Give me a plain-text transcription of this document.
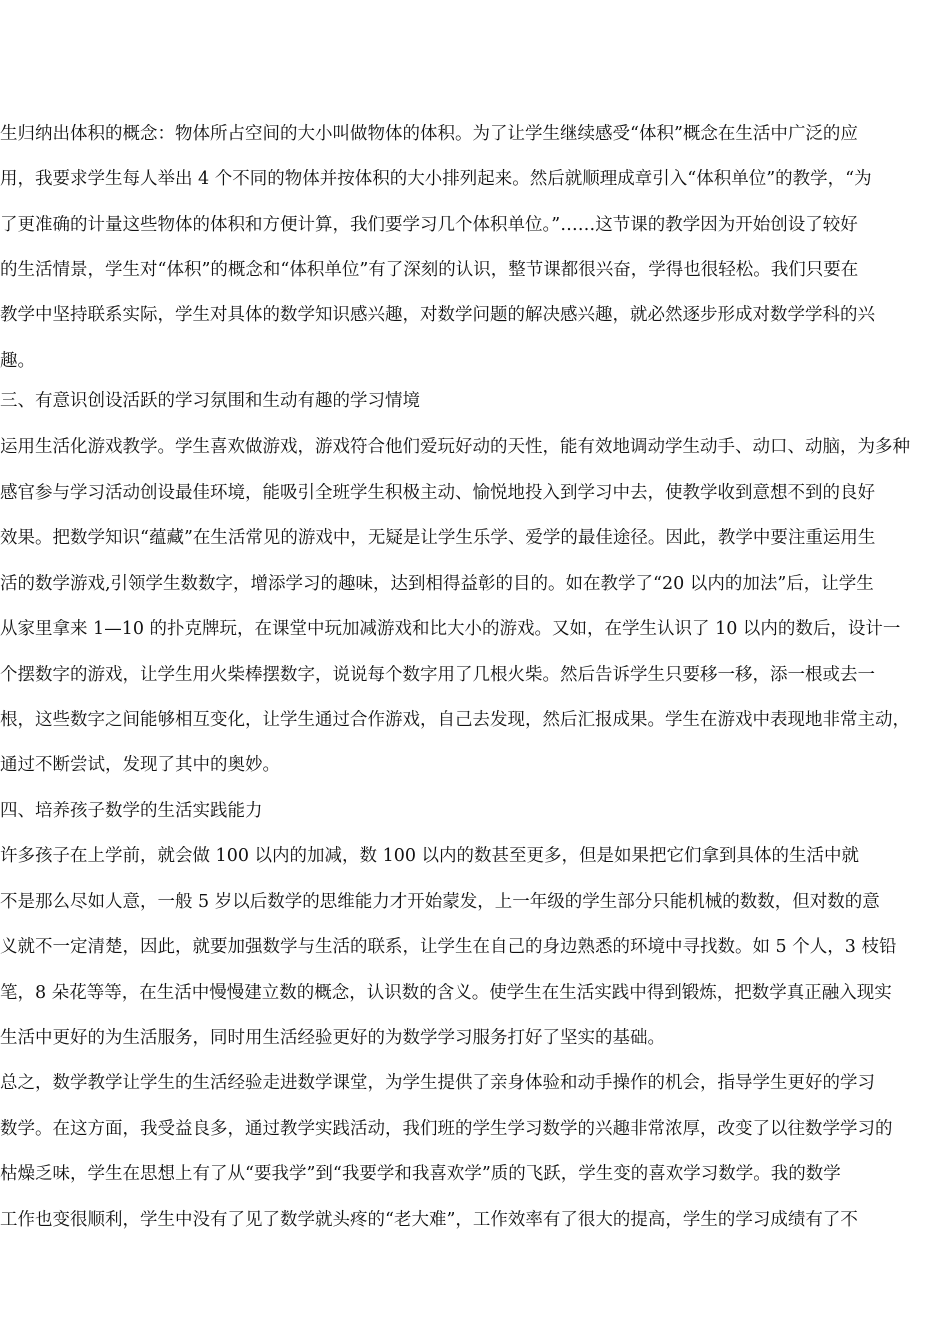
生归纳出体积的概念：物体所占空间的大小叫做物体的体积。为了让学生继续感受“体积”概念在生活中广泛的应
用，我要求学生每人举出 4 个不同的物体并按体积的大小排列起来。然后就顺理成章引入“体积单位”的教学，“为
了更准确的计量这些物体的体积和方便计算，我们要学习几个体积单位。”……这节课的教学因为开始创设了较好
的生活情景，学生对“体积”的概念和“体积单位”有了深刻的认识，整节课都很兴奋，学得也很轻松。我们只要在
教学中坚持联系实际，学生对具体的数学知识感兴趣，对数学问题的解决感兴趣，就必然逐步形成对数学学科的兴
趣。
三、有意识创设活跃的学习氛围和生动有趣的学习情境
运用生活化游戏教学。学生喜欢做游戏，游戏符合他们爱玩好动的天性，能有效地调动学生动手、动口、动脑，为多种
感官参与学习活动创设最佳环境，能吸引全班学生积极主动、愉悦地投入到学习中去，使教学收到意想不到的良好
效果。把数学知识“蕴藏”在生活常见的游戏中，无疑是让学生乐学、爱学的最佳途径。因此，教学中要注重运用生
活的数学游戏,引领学生数数字，增添学习的趣味，达到相得益彰的目的。如在教学了“20 以内的加法”后，让学生
从家里拿来 1—10 的扑克牌玩，在课堂中玩加减游戏和比大小的游戏。又如，在学生认识了 10 以内的数后，设计一
个摆数字的游戏，让学生用火柴棒摆数字，说说每个数字用了几根火柴。然后告诉学生只要移一移，添一根或去一
根，这些数字之间能够相互变化，让学生通过合作游戏，自己去发现，然后汇报成果。学生在游戏中表现地非常主动，
通过不断尝试，发现了其中的奥妙。
四、培养孩子数学的生活实践能力
许多孩子在上学前，就会做 100 以内的加减，数 100 以内的数甚至更多，但是如果把它们拿到具体的生活中就
不是那么尽如人意，一般 5 岁以后数学的思维能力才开始蒙发，上一年级的学生部分只能机械的数数，但对数的意
义就不一定清楚，因此，就要加强数学与生活的联系，让学生在自己的身边熟悉的环境中寻找数。如 5 个人，3 枝铅
笔，8 朵花等等，在生活中慢慢建立数的概念，认识数的含义。使学生在生活实践中得到锻炼，把数学真正融入现实
生活中更好的为生活服务，同时用生活经验更好的为数学学习服务打好了坚实的基础。
总之，数学教学让学生的生活经验走进数学课堂，为学生提供了亲身体验和动手操作的机会，指导学生更好的学习
数学。在这方面，我受益良多，通过教学实践活动，我们班的学生学习数学的兴趣非常浓厚，改变了以往数学学习的
枯燥乏味，学生在思想上有了从“要我学”到“我要学和我喜欢学”质的飞跃，学生变的喜欢学习数学。我的数学
工作也变很顺利，学生中没有了见了数学就头疼的“老大难”，工作效率有了很大的提高，学生的学习成绩有了不
